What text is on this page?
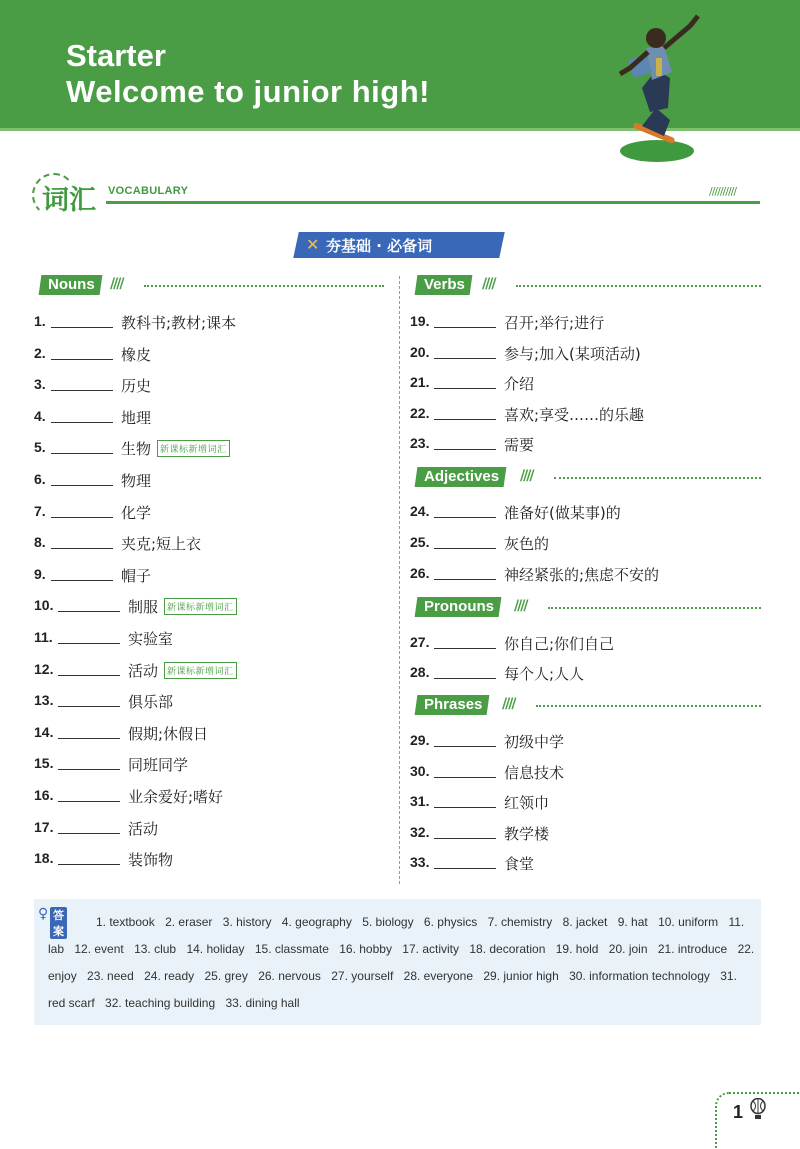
Starter
Welcome to junior high!
词汇 VOCABULARY	//////////
✕ 夯基础 · 必备词
Nouns	////	Verbs	////
Adjectives	////
Pronouns	////
Phrases	////
1.	教科书;教材;课本
2.	橡皮
3.	历史
4.	地理
5.	生物 新课标新增词汇
6.	物理
7.	化学
8.	夹克;短上衣
9.	帽子
10.	制服 新课标新增词汇
11.	实验室
12.	活动 新课标新增词汇
13.	俱乐部
14.	假期;休假日
15.	同班同学
16.	业余爱好;嗜好
17.	活动
18.	装饰物
19.	召开;举行;进行
20.	参与;加入(某项活动)
21.	介绍
22.	喜欢;享受……的乐趣
23.	需要
24.	准备好(做某事)的
25.	灰色的
26.	神经紧张的;焦虑不安的
27.	你自己;你们自己
28.	每个人;人人
29.	初级中学
30.	信息技术
31.	红领巾
32.	教学楼
33.	食堂
♀ 答案
1. textbook 2. eraser 3. history 4. geography 5. biology 6. physics 7. chemistry 8. jacket 9. hat 10. uniform 11. lab 12. event 13. club 14. holiday 15. classmate 16. hobby 17. activity 18. decoration 19. hold 20. join 21. introduce 22. enjoy 23. need 24. ready 25. grey 26. nervous 27. yourself 28. everyone 29. junior high 30. information technology 31. red scarf 32. teaching building 33. dining hall
1
